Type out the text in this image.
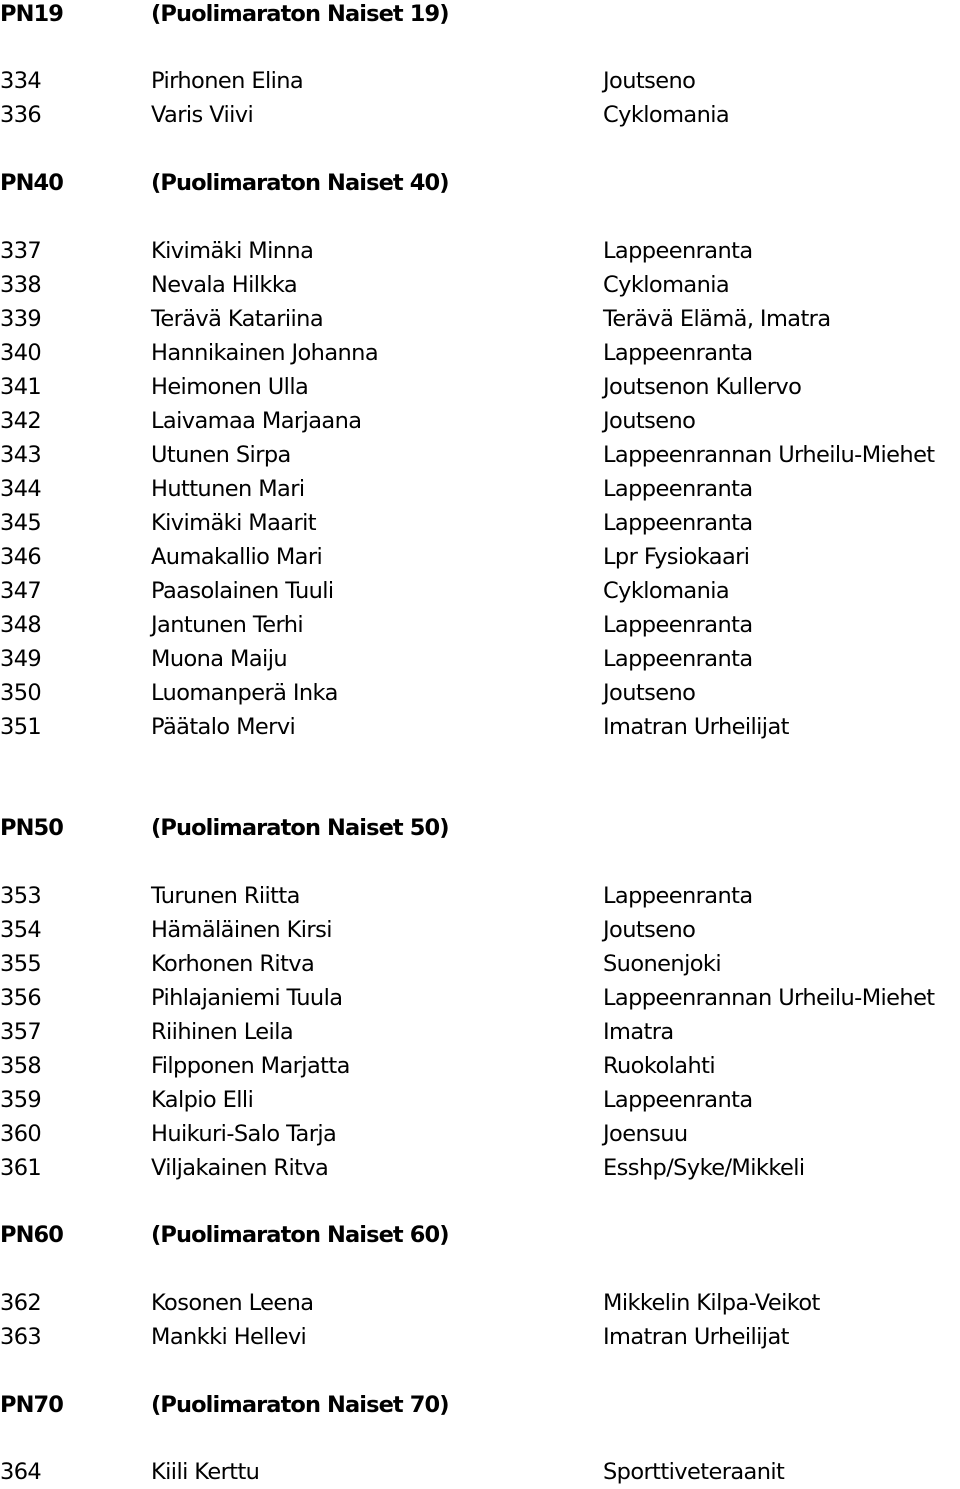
PN19	(Puolimaraton Naiset 19)
334	Pirhonen Elina	Joutseno
336	Varis Viivi	Cyklomania
PN40	(Puolimaraton Naiset 40)
337	Kivimäki Minna	Lappeenranta
338	Nevala Hilkka	Cyklomania
339	Terävä Katariina	Terävä Elämä, Imatra
340	Hannikainen Johanna	Lappeenranta
341	Heimonen Ulla	Joutsenon Kullervo
342	Laivamaa Marjaana	Joutseno
343	Utunen Sirpa	Lappeenrannan Urheilu-Miehet
344	Huttunen Mari	Lappeenranta
345	Kivimäki Maarit	Lappeenranta
346	Aumakallio Mari	Lpr Fysiokaari
347	Paasolainen Tuuli	Cyklomania
348	Jantunen Terhi	Lappeenranta
349	Muona Maiju	Lappeenranta
350	Luomanperä Inka	Joutseno
351	Päätalo Mervi	Imatran Urheilijat
PN50	(Puolimaraton Naiset 50)
353	Turunen Riitta	Lappeenranta
354	Hämäläinen Kirsi	Joutseno
355	Korhonen Ritva	Suonenjoki
356	Pihlajaniemi Tuula	Lappeenrannan Urheilu-Miehet
357	Riihinen Leila	Imatra
358	Filpponen Marjatta	Ruokolahti
359	Kalpio Elli	Lappeenranta
360	Huikuri-Salo Tarja	Joensuu
361	Viljakainen Ritva	Esshp/Syke/Mikkeli
PN60	(Puolimaraton Naiset 60)
362	Kosonen Leena	Mikkelin Kilpa-Veikot
363	Mankki Hellevi	Imatran Urheilijat
PN70	(Puolimaraton Naiset 70)
364	Kiili Kerttu	Sporttiveteraanit
